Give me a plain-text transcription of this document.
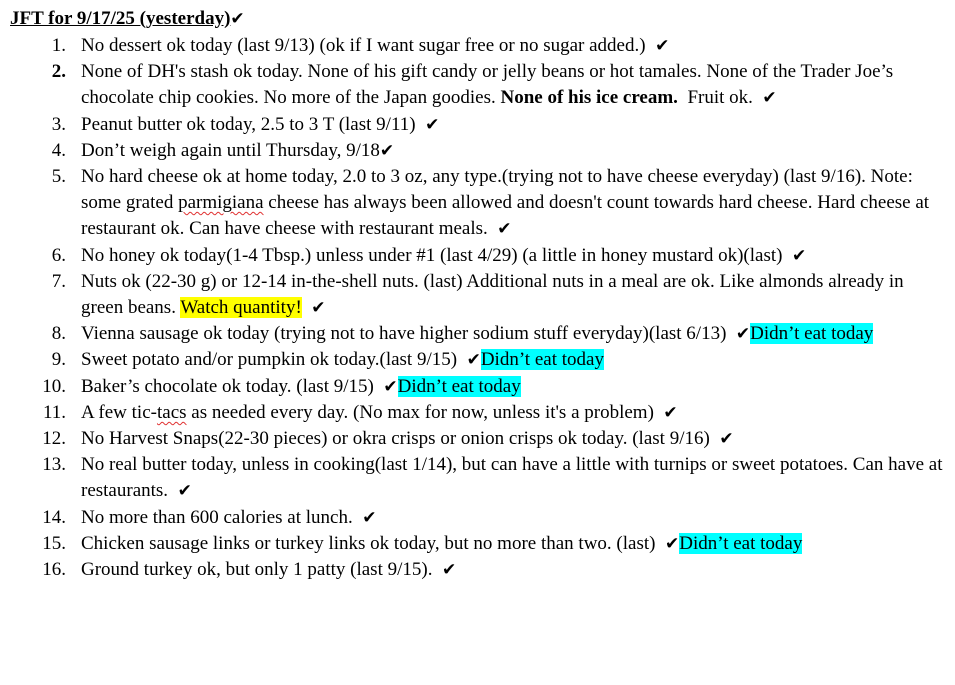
JFT for 9/17/25 (yesterday)✔
1. No dessert ok today (last 9/13) (ok if I want sugar free or no sugar added.) ✔
2. None of DH's stash ok today. None of his gift candy or jelly beans or hot tamales. None of the Trader Joe’s chocolate chip cookies. No more of the Japan goodies. None of his ice cream.  Fruit ok. ✔
3. Peanut butter ok today, 2.5 to 3 T (last 9/11) ✔
4. Don’t weigh again until Thursday, 9/18✔
5. No hard cheese ok at home today, 2.0 to 3 oz, any type.(trying not to have cheese everyday) (last 9/16). Note: some grated parmigiana cheese has always been allowed and doesn't count towards hard cheese. Hard cheese at restaurant ok. Can have cheese with restaurant meals. ✔
6. No honey ok today(1-4 Tbsp.) unless under #1 (last 4/29) (a little in honey mustard ok)(last) ✔
7. Nuts ok (22-30 g) or 12-14 in-the-shell nuts. (last) Additional nuts in a meal are ok. Like almonds already in green beans. Watch quantity! ✔
8. Vienna sausage ok today (trying not to have higher sodium stuff everyday)(last 6/13) ✔Didn’t eat today
9. Sweet potato and/or pumpkin ok today.(last 9/15) ✔Didn’t eat today
10. Baker’s chocolate ok today. (last 9/15) ✔Didn’t eat today
11. A few tic-tacs as needed every day. (No max for now, unless it's a problem) ✔
12. No Harvest Snaps(22-30 pieces) or okra crisps or onion crisps ok today. (last 9/16) ✔
13. No real butter today, unless in cooking(last 1/14), but can have a little with turnips or sweet potatoes. Can have at restaurants. ✔
14. No more than 600 calories at lunch. ✔
15. Chicken sausage links or turkey links ok today, but no more than two. (last) ✔Didn’t eat today
16. Ground turkey ok, but only 1 patty (last 9/15). ✔
